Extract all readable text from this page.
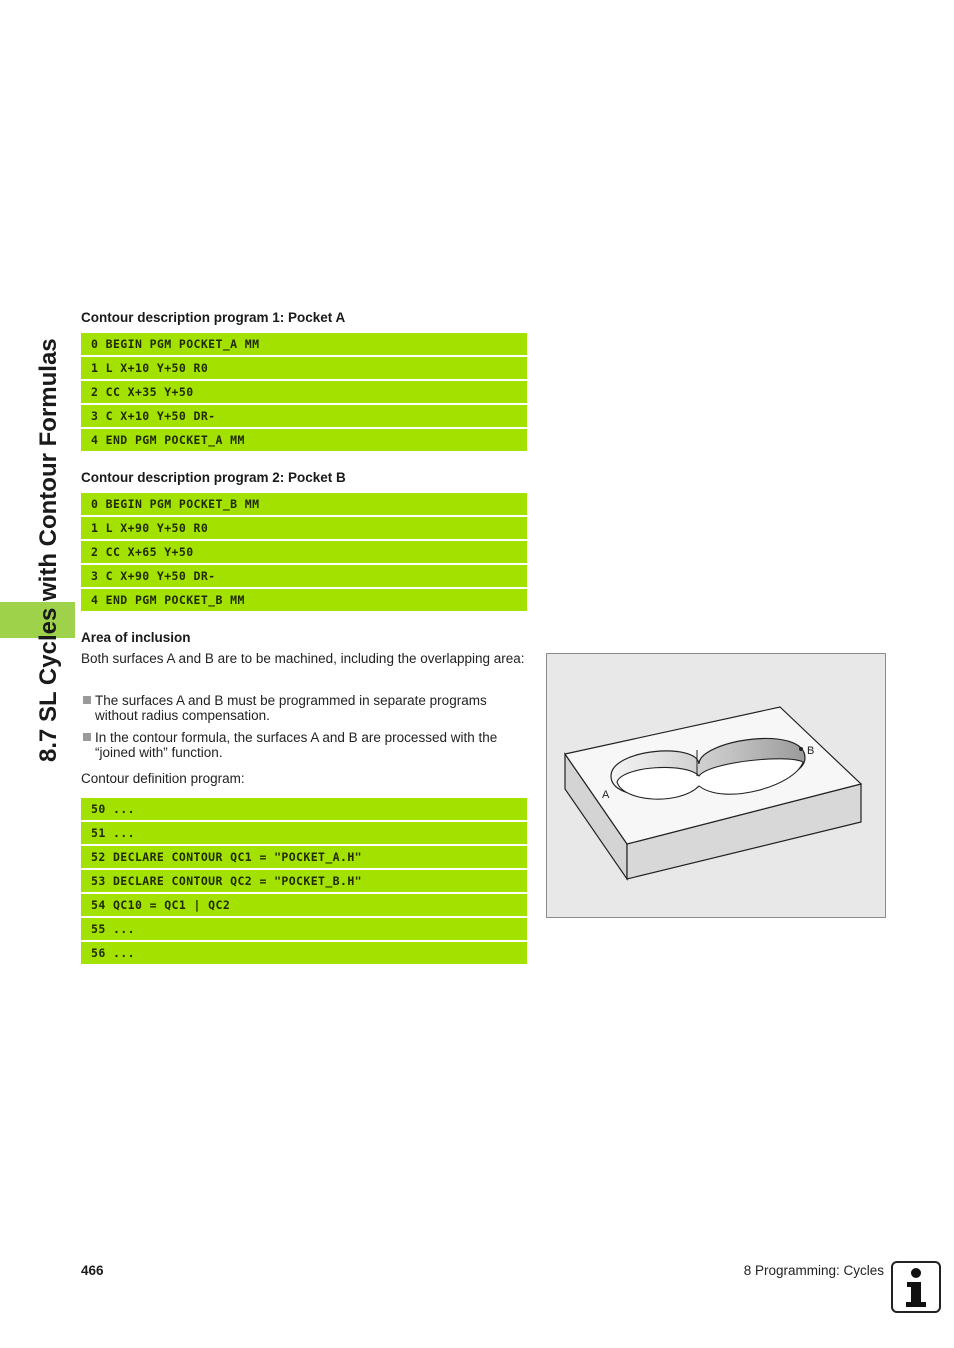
8.7 SL Cycles with Contour Formulas
Contour description program 1: Pocket A
0 BEGIN PGM POCKET_A MM
1 L X+10 Y+50 R0
2 CC X+35 Y+50
3 C X+10 Y+50 DR-
4 END PGM POCKET_A MM
Contour description program 2: Pocket B
0 BEGIN PGM POCKET_B MM
1 L X+90 Y+50 R0
2 CC X+65 Y+50
3 C X+90 Y+50 DR-
4 END PGM POCKET_B MM
Area of inclusion
Both surfaces A and B are to be machined, including the overlapping area:
The surfaces A and B must be programmed in separate programs without radius compensation.
In the contour formula, the surfaces A and B are processed with the “joined with” function.
Contour definition program:
50 ...
51 ...
52 DECLARE CONTOUR QC1 = "POCKET_A.H"
53 DECLARE CONTOUR QC2 = "POCKET_B.H"
54 QC10 = QC1 | QC2
55 ...
56 ...
B
A
466	8 Programming: Cycles
